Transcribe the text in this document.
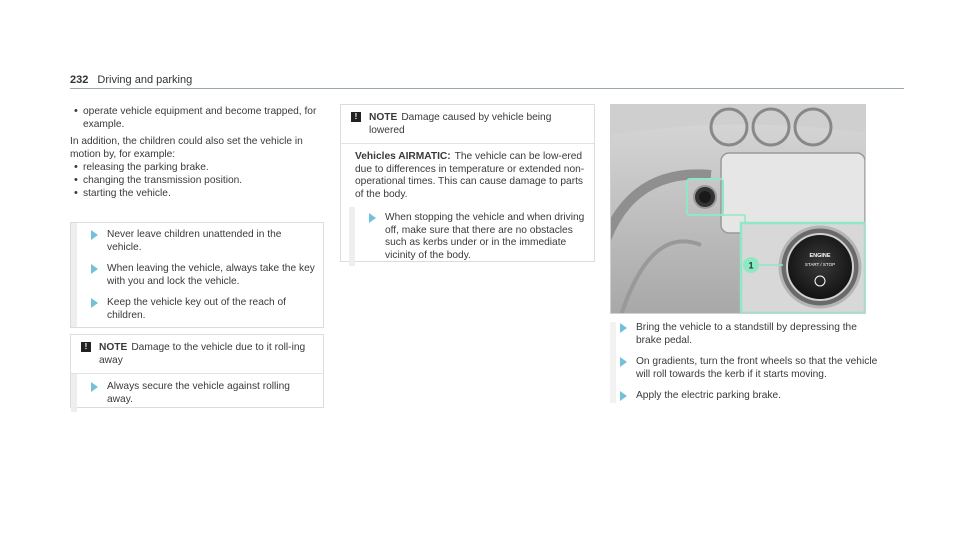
232 Driving and parking
• operate vehicle equipment and become trapped, for example.
In addition, the children could also set the vehicle in motion by, for example:
• releasing the parking brake.
• changing the transmission position.
• starting the vehicle.
Never leave children unattended in the vehicle.
When leaving the vehicle, always take the key with you and lock the vehicle.
Keep the vehicle key out of the reach of children.
!	NOTE Damage to the vehicle due to it roll-ing away
Always secure the vehicle against rolling away.
!	NOTE Damage caused by vehicle being lowered
Vehicles AIRMATIC: The vehicle can be low-ered due to differences in temperature or extended non-operational times. This can cause damage to parts of the body.
When stopping the vehicle and when driving off, make sure that there are no obstacles such as kerbs under or in the immediate vicinity of the body.	ENGINE
START / STOP
1
Bring the vehicle to a standstill by depressing the brake pedal.
On gradients, turn the front wheels so that the vehicle will roll towards the kerb if it starts moving.
Apply the electric parking brake.
